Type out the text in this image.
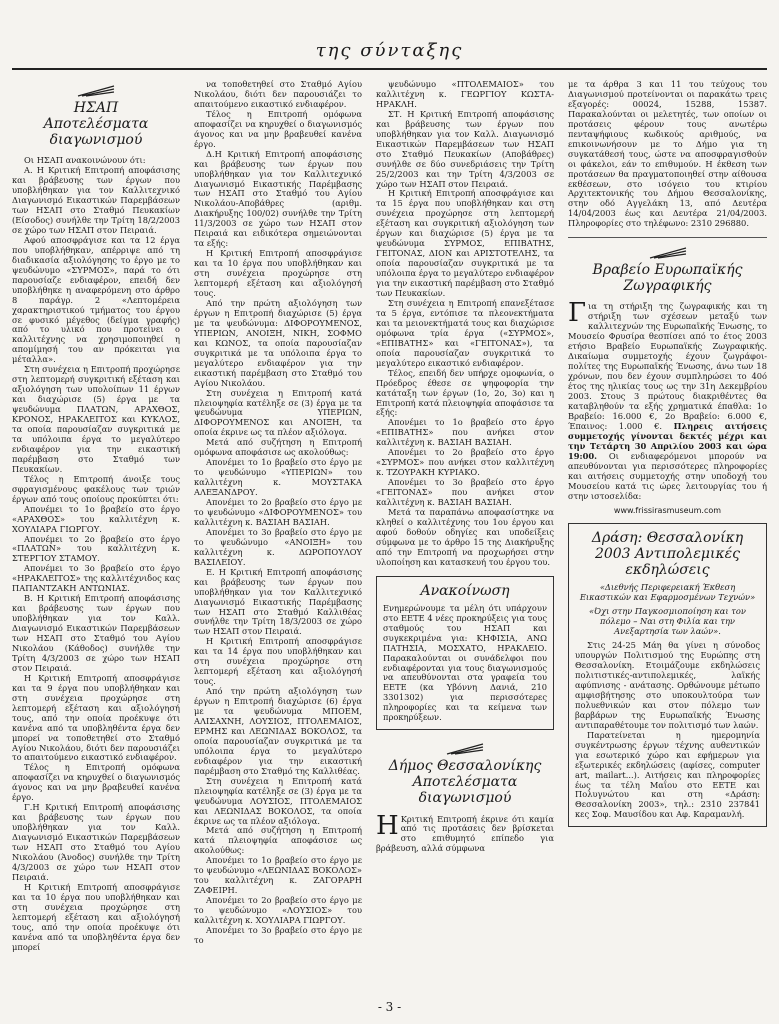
της σύνταξης
ΗΣΑΠ
Αποτελέσματα διαγωνισμού

Οι ΗΣΑΠ ανακοινώνουν ότι:

Α. Η Κριτική Επιτροπή αποφάσισης και βράβευσης των έργων που υποβλήθηκαν για τον Καλλιτεχνικό Διαγωνισμό Εικαστικών Παρεμβάσεων των ΗΣΑΠ στο Σταθμό Πευκακίων (Είσοδος) συνήλθε την Τρίτη 18/2/2003 σε χώρο των ΗΣΑΠ στον Πειραιά.

Αφού αποσφράγισε και τα 12 έργα που υποβλήθηκαν, απέρριψε από τη διαδικασία αξιολόγησης το έργο με το ψευδώνυμο «ΣΥΡΜΟΣ», παρά το ότι παρουσίαζε ενδιαφέρον, επειδή δεν υποβλήθηκε η αναφερόμενη στο άρθρο 8 παράγρ. 2 «Λεπτομέρεια χαρακτηριστικού τμήματος του έργου σε φυσικό μέγεθος (δείγμα γραφής) από το υλικό που προτείνει ο καλλιτέχνης να χρησιμοποιηθεί η απομίμησή του αν πρόκειται για μέταλλα».

Στη συνέχεια η Επιτροπή προχώρησε στη λεπτομερή συγκριτική εξέταση και αξιολόγηση των υπολοίπων 11 έργων και διαχώρισε (5) έργα με τα ψευδώνυμα ΠΛΑΤΩΝ, ΑΡΑΧΘΟΣ, ΚΡΟΝΟΣ, ΗΡΑΚΛΕΙΤΟΣ και ΚΥΚΛΟΣ, τα οποία παρουσίαζαν συγκριτικά με τα υπόλοιπα έργα το μεγαλύτερο ενδιαφέρον για την εικαστική παρέμβαση στο Σταθμό των Πευκακίων.

Τέλος η Επιτροπή άνοιξε τους σφραγισμένους φακέλους των τριών έργων από τους οποίους προκύπτει ότι:

Απονέμει το 1ο βραβείο στο έργο «ΑΡΑΧΘΟΣ» του καλλιτέχνη κ. ΧΟΥΛΙΑΡΑ ΓΙΩΡΓΟΥ.

Απονέμει το 2ο βραβείο στο έργο «ΠΛΑΤΩΝ» του καλλιτέχνη κ. ΣΤΕΡΓΙΟΥ ΣΤΑΜΟΥ.

Απονέμει το 3ο βραβείο στο έργο «ΗΡΑΚΛΕΙΤΟΣ» της καλλιτέχνιδος κας ΠΑΠΑΝΤΖΑΚΗ ΑΝΤΩΝΙΑΣ.

Β. Η Κριτική Επιτροπή αποφάσισης και βράβευσης των έργων που υποβλήθηκαν για τον Καλλ. Διαγωνισμό Εικαστικών Παρεμβάσεων των ΗΣΑΠ στο Σταθμό του Αγίου Νικολάου (Κάθοδος) συνήλθε την Τρίτη 4/3/2003 σε χώρο των ΗΣΑΠ στον Πειραιά.

Η Κριτική Επιτροπή αποσφράγισε και τα 9 έργα που υποβλήθηκαν και στη συνέχεια προχώρησε στη λεπτομερή εξέταση και αξιολόγησή τους, από την οποία προέκυψε ότι κανένα από τα υποβληθέντα έργα δεν μπορεί να τοποθετηθεί στο Σταθμό Αγίου Νικολάου, διότι δεν παρουσιάζει το απαιτούμενο εικαστικό ενδιαφέρον.

Τέλος η Επιτροπή ομόφωνα αποφασίζει να κηρυχθεί ο διαγωνισμός άγονος και να μην βραβευθεί κανένα έργο.

Γ.Η Κριτική Επιτροπή αποφάσισης και βράβευσης των έργων που υποβλήθηκαν για τον Καλλ. Διαγωνισμό Εικαστικών Παρεμβάσεων των ΗΣΑΠ στο Σταθμό του Αγίου Νικολάου (Άνοδος) συνήλθε την Τρίτη 4/3/2003 σε χώρο των ΗΣΑΠ στον Πειραιά.

Η Κριτική Επιτροπή αποσφράγισε και τα 10 έργα που υποβλήθηκαν και στη συνέχεια προχώρησε στη λεπτομερή εξέταση και αξιολόγησή τους, από την οποία προέκυψε ότι κανένα από τα υποβληθέντα έργα δεν μπορεί

να τοποθετηθεί στο Σταθμό Αγίου Νικολάου, διότι δεν παρουσιάζει το απαιτούμενο εικαστικό ενδιαφέρον.

Τέλος η Επιτροπή ομόφωνα αποφασίζει να κηρυχθεί ο διαγωνισμός άγονος και να μην βραβευθεί κανένα έργο.

Δ.Η Κριτική Επιτροπή αποφάσισης και βράβευσης των έργων που υποβλήθηκαν για τον Καλλιτεχνικό Διαγωνισμό Εικαστικής Παρέμβασης των ΗΣΑΠ στο Σταθμό του Αγίου Νικολάου-Αποβάθρες (αριθμ. Διακήρυξης 100/02) συνήλθε την Τρίτη 11/3/2003 σε χώρο των ΗΣΑΠ στον Πειραιά και ειδικότερα σημειώνονται τα εξής:

Η Κριτική Επιτροπή αποσφράγισε και τα 10 έργα που υποβλήθηκαν και στη συνέχεια προχώρησε στη λεπτομερή εξέταση και αξιολόγησή τους.

Από την πρώτη αξιολόγηση των έργων η Επιτροπή διαχώρισε (5) έργα με τα ψευδώνυμα: ΔΙΦΟΡΟΥΜΕΝΟΣ, ΥΠΕΡΙΩΝ, ΑΝΟΙΞΗ, ΝΙΚΗ, ΣΟΦΜΟ και ΚΩΝΟΣ, τα οποία παρουσίαζαν συγκριτικά με τα υπόλοιπα έργα το μεγαλύτερο ενδιαφέρον για την εικαστική παρέμβαση στο Σταθμό του Αγίου Νικολάου.

Στη συνέχεια η Επιτροπή κατά πλειοψηφία κατέληξε σε (3) έργα με τα ψευδώνυμα ΥΠΕΡΙΩΝ, ΔΙΦΟΡΟΥΜΕΝΟΣ και ΑΝΟΙΞΗ, τα οποία έκρινε ως τα πλέον αξιόλογα.

Μετά από συζήτηση η Επιτροπή ομόφωνα αποφάσισε ως ακολούθως:

Απονέμει το 1ο βραβείο στο έργο με το ψευδώνυμο «ΥΠΕΡΙΩΝ» του καλλιτέχνη κ. ΜΟΥΣΤΑΚΑ ΑΛΕΞΑΝΔΡΟΥ.

Απονέμει το 2ο βραβείο στο έργο με το ψευδώνυμο «ΔΙΦΟΡΟΥΜΕΝΟΣ» του καλλιτέχνη κ. ΒΑΣΙΑΗ ΒΑΣΙΑΗ.

Απονέμει το 3ο βραβείο στο έργο με το ψευδώνυμο «ΑΝΟΙΞΗ» του καλλιτέχνη κ. ΔΩΡΟΠΟΥΛΟΥ ΒΑΣΙΛΕΙΟΥ.

Ε. Η Κριτική Επιτροπή αποφάσισης και βράβευσης των έργων που υποβλήθηκαν για τον Καλλιτεχνικό Διαγωνισμό Εικαστικής Παρέμβασης των ΗΣΑΠ στο Σταθμό Καλλιθέας συνήλθε την Τρίτη 18/3/2003 σε χώρο των ΗΣΑΠ στον Πειραιά.

Η Κριτική Επιτροπή αποσφράγισε και τα 14 έργα που υποβλήθηκαν και στη συνέχεια προχώρησε στη λεπτομερή εξέταση και αξιολόγησή τους.

Από την πρώτη αξιολόγηση των έργων η Επιτροπή διαχώρισε (6) έργα με τα ψευδώνυμα ΜΠΟΕΜ, ΑΛΙΣΑΧΝΗ, ΛΟΥΣΙΟΣ, ΠΤΟΛΕΜΑΙΟΣ, ΕΡΜΗΣ και ΛΕΩΝΙΔΑΣ ΒΟΚΟΛΟΣ, τα οποία παρουσίαζαν συγκριτικά με τα υπόλοιπα έργα το μεγαλύτερο ενδιαφέρον για την εικαστική παρέμβαση στο Σταθμό της Καλλιθέας.

Στη συνέχεια η Επιτροπή κατά πλειοψηφία κατέληξε σε (3) έργα με τα ψευδώνυμα ΛΟΥΣΙΟΣ, ΠΤΟΛΕΜΑΙΟΣ και ΛΕΩΝΙΔΑΣ ΒΟΚΟΛΟΣ, τα οποία έκρινε ως τα πλέον αξιόλογα.

Μετά από συζήτηση η Επιτροπή κατά πλειοψηφία αποφάσισε ως ακολούθως:

Απονέμει το 1ο βραβείο στο έργο με το ψευδώνυμο «ΛΕΩΝΙΔΑΣ ΒΟΚΟΛΟΣ» του καλλιτέχνη κ. ΖΑΓΟΡΑΡΗ ΖΑΦΕΙΡΗ.

Απονέμει το 2ο βραβείο στο έργο με το ψευδώνυμο «ΛΟΥΣΙΟΣ» του καλλιτέχνη κ. ΧΟΥΛΙΑΡΑ ΓΙΩΡΓΟΥ.

Απονέμει το 3ο βραβείο στο έργο με το

ψευδώνυμο «ΠΤΟΛΕΜΑΙΟΣ» του καλλιτέχνη κ. ΓΕΩΡΓΙΟΥ ΚΩΣΤΑ-ΗΡΑΚΛΗ.

ΣΤ. Η Κριτική Επιτροπή αποφάσισης και βράβευσης των έργων που υποβλήθηκαν για τον Καλλ. Διαγωνισμό Εικαστικών Παρεμβάσεων των ΗΣΑΠ στο Σταθμό Πευκακίων (Αποβάθρες) συνήλθε σε δύο συνεδριάσεις την Τρίτη 25/2/2003 και την Τρίτη 4/3/2003 σε χώρο των ΗΣΑΠ στον Πειραιά.

Η Κριτική Επιτροπή αποσφράγισε και τα 15 έργα που υποβλήθηκαν και στη συνέχεια προχώρησε στη λεπτομερή εξέταση και συγκριτική αξιολόγηση των έργων και διαχώρισε (5) έργα με τα ψευδώνυμα ΣΥΡΜΟΣ, ΕΠΙΒΑΤΗΣ, ΓΕΙΤΟΝΑΣ, ΔΙΟΝ και ΑΡΙΣΤΟΤΕΛΗΣ, τα οποία παρουσίαζαν συγκριτικά με τα υπόλοιπα έργα το μεγαλύτερο ενδιαφέρον για την εικαστική παρέμβαση στο Σταθμό των Πευκακίων.

Στη συνέχεια η Επιτροπή επανεξέτασε τα 5 έργα, εντόπισε τα πλεονεκτήματα και τα μειονεκτήματά τους και διαχώρισε ομόφωνα τρία έργα («ΣΥΡΜΟΣ», «ΕΠΙΒΑΤΗΣ» και «ΓΕΙΤΟΝΑΣ»), τα οποία παρουσίαζαν συγκριτικά το μεγαλύτερο εικαστικό ενδιαφέρον.

Τέλος, επειδή δεν υπήρχε ομοφωνία, ο Πρόεδρος έθεσε σε ψηφοφορία την κατάταξη των έργων (1ο, 2ο, 3ο) και η Επιτροπή κατά πλειοψηφία αποφάσισε τα εξής:

Απονέμει το 1ο βραβείο στο έργο «ΕΠΙΒΑΤΗΣ» που ανήκει στον καλλιτέχνη κ. ΒΑΣΙΑΗ ΒΑΣΙΑΗ.

Απονέμει το 2ο βραβείο στο έργο «ΣΥΡΜΟΣ» που ανήκει στον καλλιτέχνη κ. ΤΖΟΥΡΑΚΗ ΚΥΡΙΑΚΟ.

Απονέμει το 3ο βραβείο στο έργο «ΓΕΙΤΟΝΑΣ» που ανήκει στον καλλιτέχνη κ. ΒΑΣΙΑΗ ΒΑΣΙΑΗ.

Μετά τα παραπάνω αποφασίστηκε να κληθεί ο καλλιτέχνης του 1ου έργου και αφού δοθούν οδηγίες και υποδείξεις σύμφωνα με το άρθρο 15 της Διακήρυξης από την Επιτροπή να προχωρήσει στην υλοποίηση και κατασκευή του έργου του.

Ανακοίνωση

Ενημερώνουμε τα μέλη ότι υπάρχουν στο ΕΕΤΕ 4 νέες προκηρύξεις για τους σταθμούς του ΗΣΑΠ και συγκεκριμένα για: ΚΗΦΙΣΙΑ, ΑΝΩ ΠΑΤΗΣΙΑ, ΜΟΣΧΑΤΟ, ΗΡΑΚΛΕΙΟ. Παρακαλούνται οι συνάδελφοι που ενδιαφέρονται για τους διαγωνισμούς να απευθύνονται στα γραφεία του ΕΕΤΕ (κα Υβόννη Δανιά, 210 3301302) για περισσότερες πληροφορίες και τα κείμενα των προκηρύξεων.

Δήμος Θεσσαλονίκης
Αποτελέσματα διαγωνισμού

Η Κριτική Επιτροπή έκρινε ότι καμία από τις προτάσεις δεν βρίσκεται στο επιθυμητό επίπεδο για βράβευση, αλλά σύμφωνα

με τα άρθρα 3 και 11 του τεύχους του Διαγωνισμού προτείνονται οι παρακάτω τρεις εξαγορές: 00024, 15288, 15387. Παρακαλούνται οι μελετητές, των οποίων οι προτάσεις φέρουν τους ανωτέρω πενταψήφιους κωδικούς αριθμούς, να επικοινωνήσουν με το Δήμο για τη συγκατάθεσή τους, ώστε να αποσφραγισθούν οι φάκελοι, εάν το επιθυμούν. Η έκθεση των προτάσεων θα πραγματοποιηθεί στην αίθουσα εκθέσεων, στο ισόγειο του κτιρίου Αρχιτεκτονικής του Δήμου Θεσσαλονίκης, στην οδό Αγγελάκη 13, από Δευτέρα 14/04/2003 έως και Δευτέρα 21/04/2003. Πληροφορίες στο τηλέφωνο: 2310 296880.

Βραβείο Ευρωπαϊκής Ζωγραφικής

Γ ια τη στήριξη της ζωγραφικής και τη στήριξη των σχέσεων μεταξύ των καλλιτεχνών της Ευρωπαϊκής Ένωσης, το Μουσείο Φρυσίρα θεσπίσει από το έτος 2003 ετήσιο Βραβείο Ευρωπαϊκής Ζωγραφικής. Δικαίωμα συμμετοχής έχουν ζωγράφοι-πολίτες της Ευρωπαϊκής Ένωσης, άνω των 18 χρόνων, που δεν έχουν συμπληρώσει το 40ό έτος της ηλικίας τους ως την 31η Δεκεμβρίου 2003. Στους 3 πρώτους διακριθέντες θα καταβληθούν τα εξής χρηματικά έπαθλα: 1ο Βραβείο: 16.000 €, 2ο Βραβείο: 6.000 €, Έπαινος: 1.000 €. Πληρεις αιτήσεις συμμετοχής γίνονται δεκτές μέχρι και την Τετάρτη 30 Απριλίου 2003 και ώρα 19:00. Οι ενδιαφερόμενοι μπορούν να απευθύνονται για περισσότερες πληροφορίες και αιτήσεις συμμετοχής στην υποδοχή του Μουσείου κατά τις ώρες λειτουργίας του ή στην ιστοσελίδα:

www.frissirasmuseum.com
Δράση: Θεσσαλονίκη 2003 Αντιπολεμικές εκδηλώσεις

«Διεθνής Περιφερειακή Έκθεση Εικαστικών και Εφαρμοσμένων Τεχνών»

«Όχι στην Παγκοσμιοποίηση και τον πόλεμο – Ναι στη Φιλία και την Ανεξαρτησία των λαών».

Στις 24-25 Μάη θα γίνει η σύνοδος υπουργών Πολιτισμού της Ευρώπης στη Θεσσαλονίκη. Ετοιμάζουμε εκδηλώσεις πολιτιστικές-αντιπολεμικές, λαϊκής αφύπνισης - ανάτασης. Ορθώνουμε μέτωπο αμφισβήτησης στο υποκουλτούρα των πολυεθνικών και στον πόλεμο των βαρβάρων της Ευρωπαϊκής Ένωσης αντιπαραθέτουμε τον πολιτισμό των λαών.

Παρατείνεται η ημερομηνία συγκέντρωσης έργων τέχνης αυθεντικών για εσωτερικό χώρο και εφήμερων για εξωτερικές εκδηλώσεις (αφίσες, computer art, mailart...). Αιτήσεις και πληροφορίες έως τα τέλη Μαΐου στο ΕΕΤΕ και Πολυγνώτου και στη «Δράση: Θεσσαλονίκη 2003», τηλ.: 2310 237841 κες Σοφ. Μαυσίδου και Αφ. Καραμανλή.

- 3 -
